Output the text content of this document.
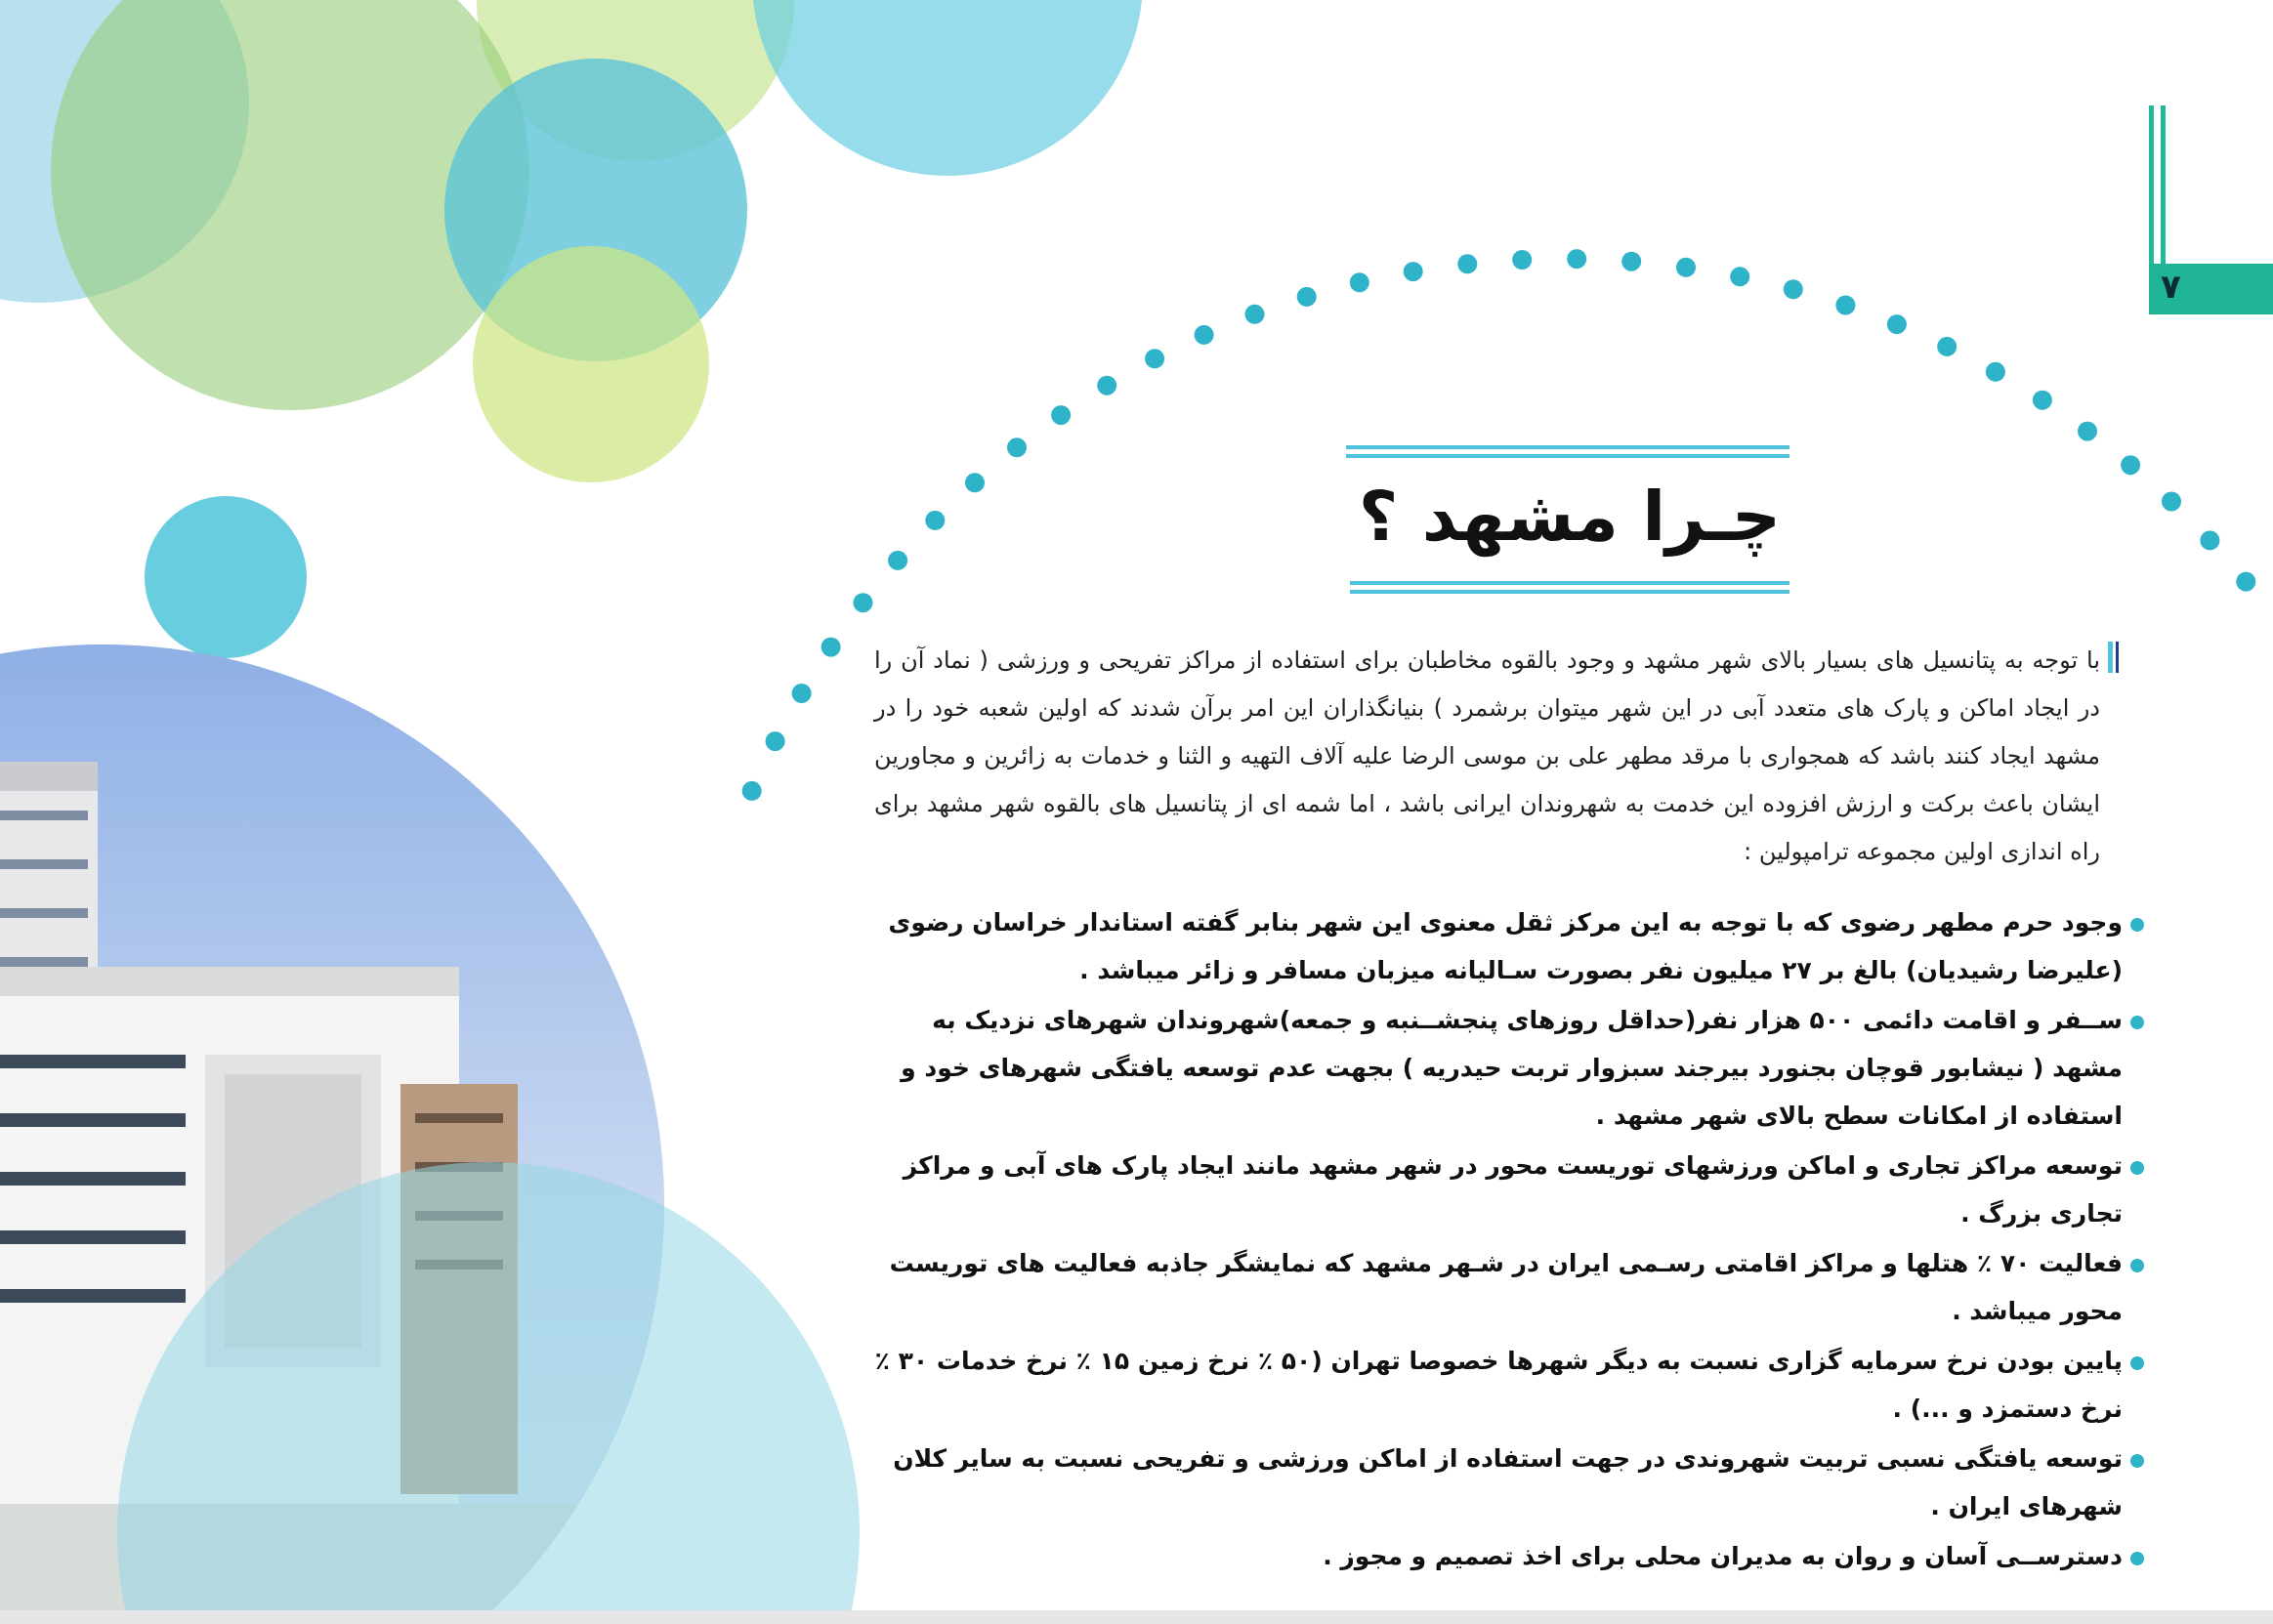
۷
چـرا مشهد ؟
با توجه به پتانسیل های بسیار بالای شهر مشهد و وجود بالقوه مخاطبان برای استفاده از مراکز تفریحی و ورزشی ( نماد آن را در ایجاد اماکن و پارک های متعدد آبی در این شهر میتوان برشمرد ) بنیانگذاران این امر برآن شدند که اولین شعبه خود را در مشهد ایجاد کنند باشد که همجواری با مرقد مطهر علی بن موسی الرضا علیه آلاف التهیه و الثنا و خدمات به زائرین و مجاورین ایشان باعث برکت و ارزش افزوده این خدمت به شهروندان ایرانی باشد ، اما شمه ای از پتانسیل های بالقوه شهر مشهد برای راه اندازی اولین مجموعه ترامپولین :
وجود حرم مطهر رضوی که با توجه به این مرکز ثقل معنوی این شهر بنابر گفته استاندار خراسان رضوی (علیرضا رشیدیان) بالغ بر ۲۷ میلیون نفر بصورت سـالیانه میزبان مسافر و زائر میباشد .
ســفر و اقامت دائمی ۵۰۰ هزار نفر(حداقل روزهای پنجشــنبه و جمعه)شهروندان شهرهای نزدیک به مشهد ( نیشابور قوچان بجنورد بیرجند سبزوار تربت حیدریه ) بجهت عدم توسعه یافتگی شهرهای خود و استفاده از امکانات سطح بالای شهر مشهد .
توسعه مراکز تجاری و اماکن ورزشهای توریست محور در شهر مشهد مانند ایجاد پارک های آبی و مراکز تجاری بزرگ .
فعالیت ۷۰ ٪ هتلها و مراکز اقامتی رسـمی ایران در شـهر مشهد که نمایشگر جاذبه فعالیت های توریست محور میباشد .
پایین بودن نرخ سرمایه گزاری نسبت به دیگر شهرها خصوصا تهران (۵۰ ٪ نرخ زمین ۱۵ ٪ نرخ خدمات ۳۰ ٪ نرخ دستمزد و ...) .
توسعه یافتگی نسبی تربیت شهروندی در جهت استفاده از اماکن ورزشی و تفریحی نسبت به سایر کلان شهرهای ایران .
دسترســی آسان و روان به مدیران محلی برای اخذ تصمیم و مجوز .
